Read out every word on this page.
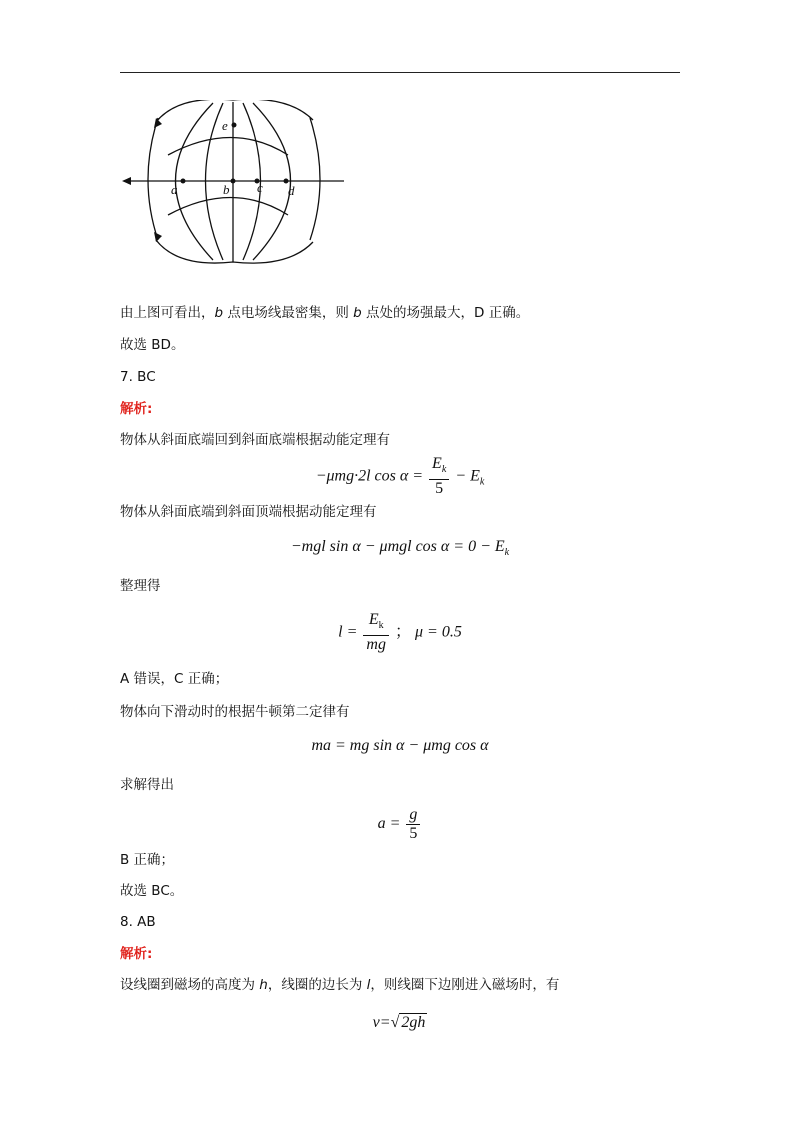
e
a	b c d
由上图可看出，b 点电场线最密集，则 b 点处的场强最大，D 正确。
故选 BD。
7. BC
解析:
物体从斜面底端回到斜面底端根据动能定理有
−μmg·2l $\cos \alpha = \frac{E_k}{5} - E_k$
物体从斜面底端到斜面顶端根据动能定理有
−mgl sin α − μmgl $\cos \alpha = 0 - E_k$
整理得
$l = \frac{E_k}{mg}$ ； μ = 0.5
A 错误，C 正确；
物体向下滑动时的根据牛顿第二定律有
ma = mg sin α − μmg cos α
求解得出
$a = \frac{g}{5}$
B 正确；
故选 BC。
8. AB
解析:
设线圈到磁场的高度为 h，线圈的边长为 l，则线圈下边刚进入磁场时，有
v=√ 2gh
